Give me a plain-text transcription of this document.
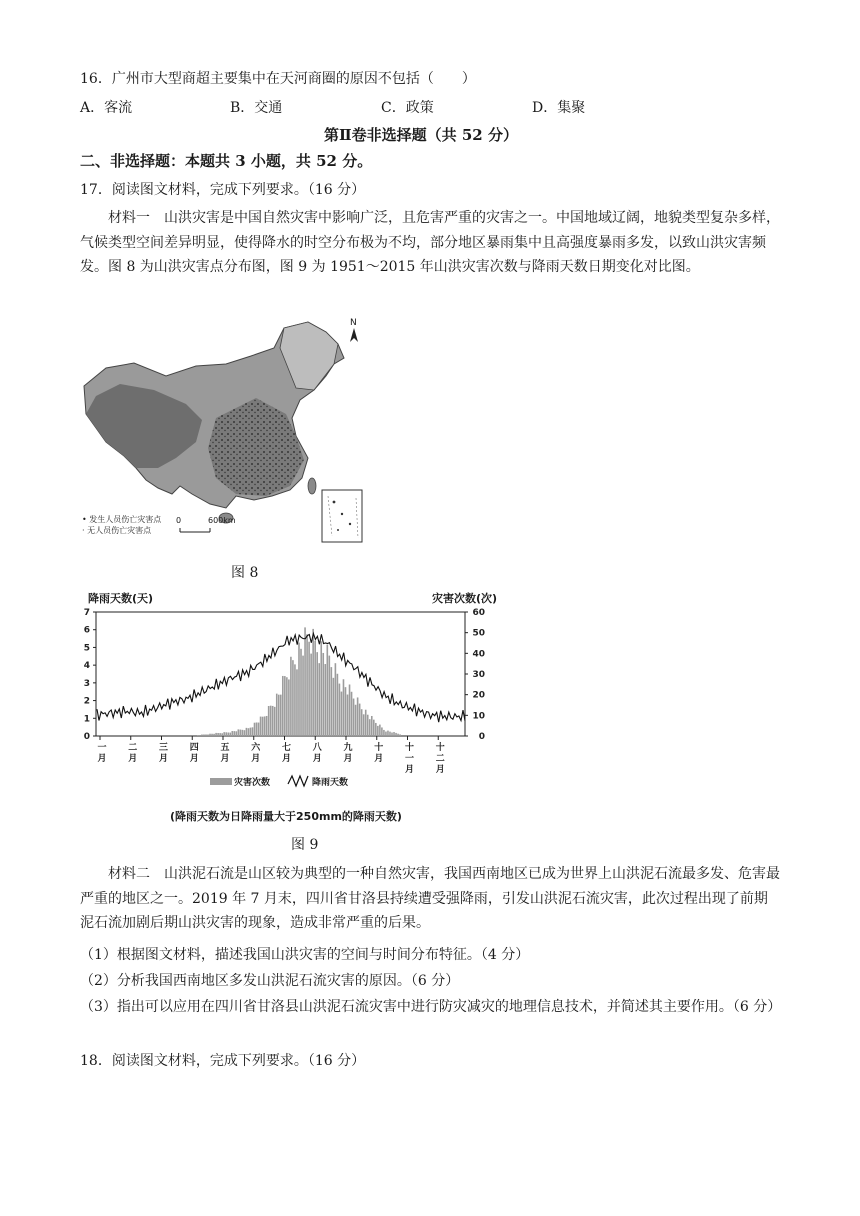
16．广州市大型商超主要集中在天河商圈的原因不包括（　　）
A．客流	B．交通	C．政策	D．集聚
第Ⅱ卷非选择题（共 52 分）
二、非选择题：本题共 3 小题，共 52 分。
17．阅读图文材料，完成下列要求。（16 分）
材料一　山洪灾害是中国自然灾害中影响广泛，且危害严重的灾害之一。中国地域辽阔，地貌类型复杂多样，气候类型空间差异明显，使得降水的时空分布极为不均，部分地区暴雨集中且高强度暴雨多发，以致山洪灾害频发。图 8 为山洪灾害点分布图，图 9 为 1951～2015 年山洪灾害次数与降雨天数日期变化对比图。
N
0	600km
• 发生人员伤亡灾害点
· 无人员伤亡灾害点
图 8
降雨天数(天)	灾害次数(次)
0
1
2
3
4
5
6
7
0
10
20
30
40
50
60
一
月
二
月
三
月
四
月
五
月
六
月
七
月
八
月
九
月
十
月
十
一
月
十
二
月
灾害次数	降雨天数
(降雨天数为日降雨量大于250mm的降雨天数)
图 9
材料二　山洪泥石流是山区较为典型的一种自然灾害，我国西南地区已成为世界上山洪泥石流最多发、危害最严重的地区之一。2019 年 7 月末，四川省甘洛县持续遭受强降雨，引发山洪泥石流灾害，此次过程出现了前期泥石流加剧后期山洪灾害的现象，造成非常严重的后果。
（1）根据图文材料，描述我国山洪灾害的空间与时间分布特征。（4 分）
（2）分析我国西南地区多发山洪泥石流灾害的原因。（6 分）
（3）指出可以应用在四川省甘洛县山洪泥石流灾害中进行防灾减灾的地理信息技术，并简述其主要作用。（6 分）
18．阅读图文材料，完成下列要求。（16 分）
